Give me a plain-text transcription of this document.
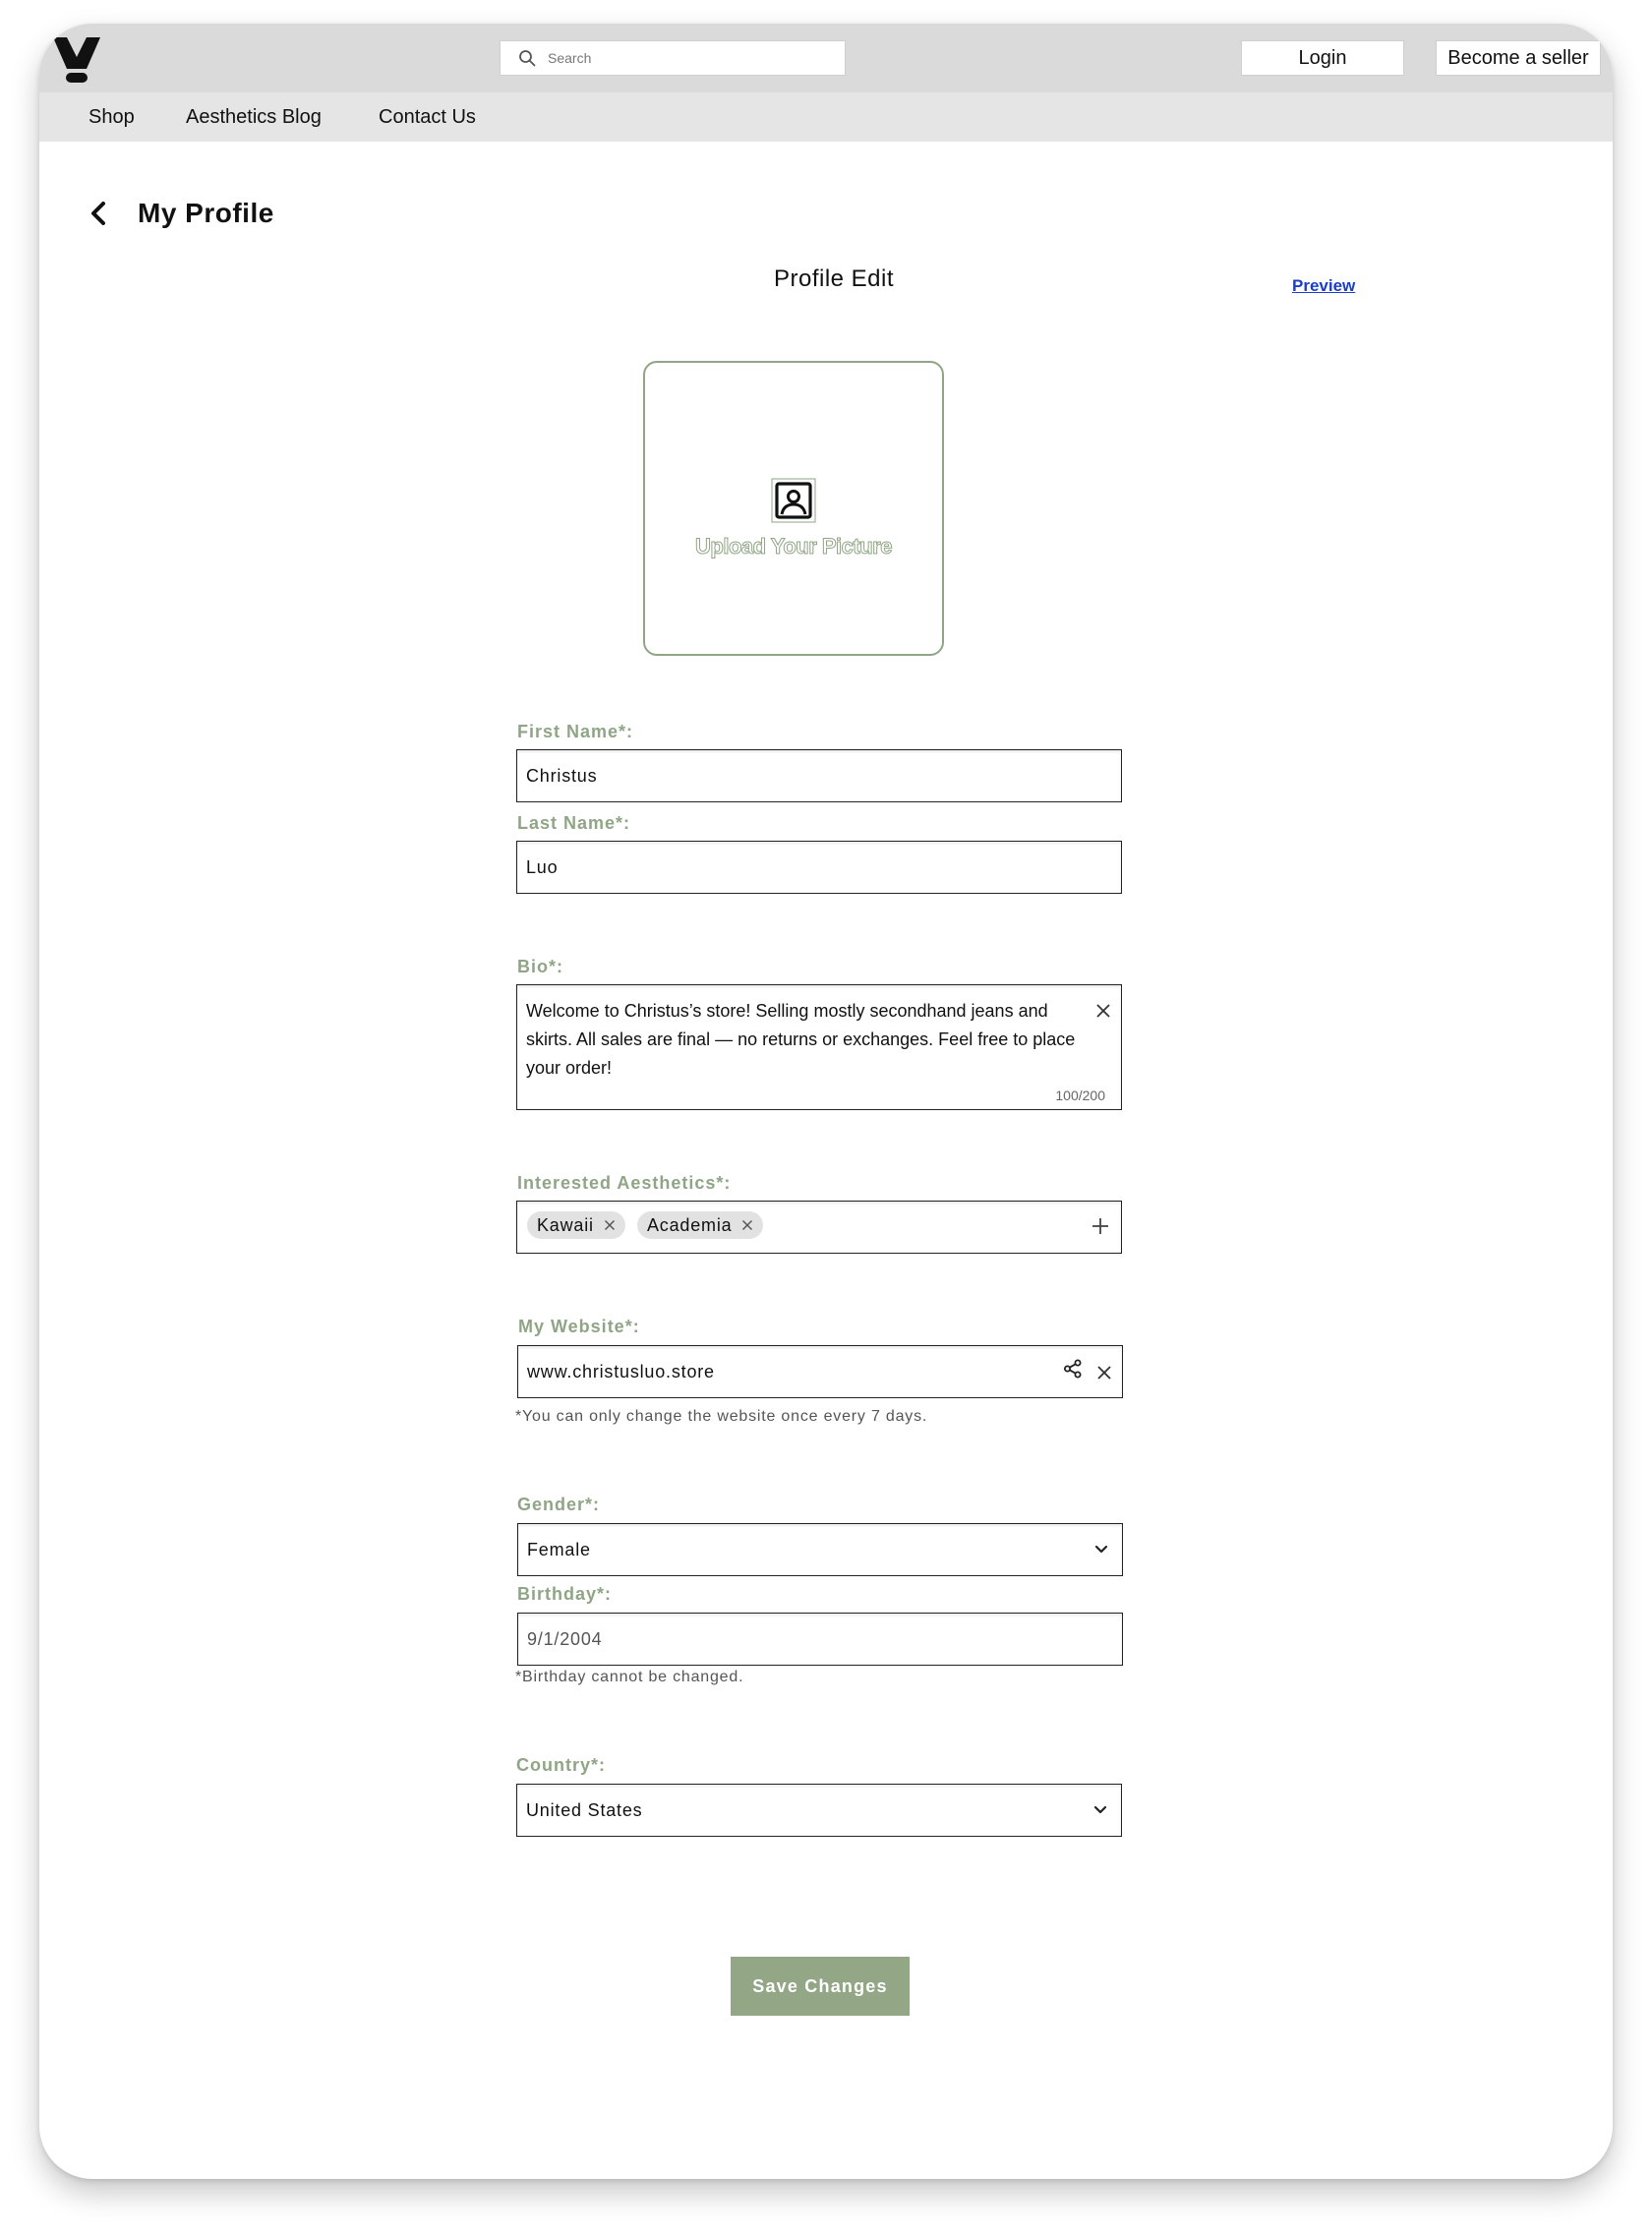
Search
Login	Become a seller
Shop	Aesthetics Blog	Contact Us
My Profile
Profile Edit	Preview
Upload Your Picture
First Name*:
Christus
Last Name*:
Luo
Bio*:
Welcome to Christus’s store! Selling mostly secondhand jeans and skirts. All sales are final — no returns or exchanges. Feel free to place your order!
100/200
Interested Aesthetics*:
Kawaii	Academia
My Website*:
www.christusluo.store
*You can only change the website once every 7 days.
Gender*:
Female
Birthday*:
9/1/2004
*Birthday cannot be changed.
Country*:
United States
Save Changes
